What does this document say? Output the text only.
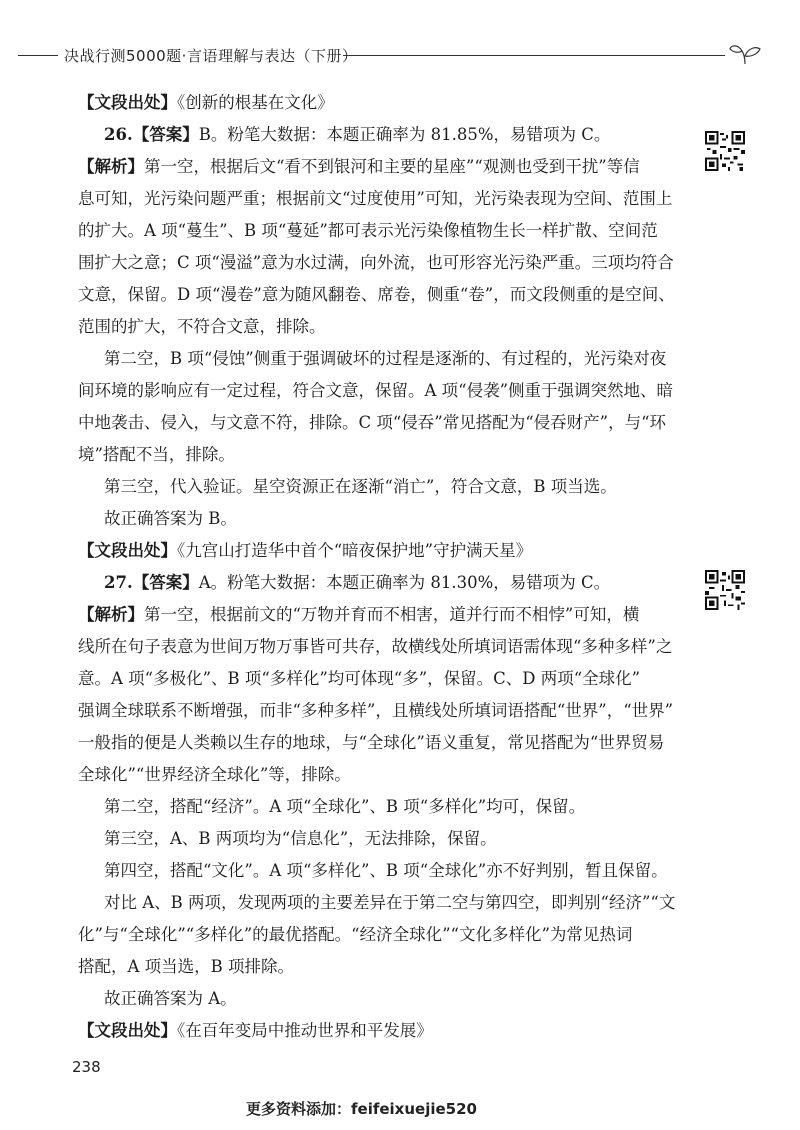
决战行测5000题·言语理解与表达（下册）
【文段出处】《创新的根基在文化》
26.【答案】B。粉笔大数据：本题正确率为 81.85%，易错项为 C。
【解析】第一空，根据后文“看不到银河和主要的星座”“观测也受到干扰”等信
息可知，光污染问题严重；根据前文“过度使用”可知，光污染表现为空间、范围上
的扩大。A 项“蔓生”、B 项“蔓延”都可表示光污染像植物生长一样扩散、空间范
围扩大之意；C 项“漫溢”意为水过满，向外流，也可形容光污染严重。三项均符合
文意，保留。D 项“漫卷”意为随风翻卷、席卷，侧重“卷”，而文段侧重的是空间、
范围的扩大，不符合文意，排除。
第二空，B 项“侵蚀”侧重于强调破坏的过程是逐渐的、有过程的，光污染对夜
间环境的影响应有一定过程，符合文意，保留。A 项“侵袭”侧重于强调突然地、暗
中地袭击、侵入，与文意不符，排除。C 项“侵吞”常见搭配为“侵吞财产”，与“环
境”搭配不当，排除。
第三空，代入验证。星空资源正在逐渐“消亡”，符合文意，B 项当选。
故正确答案为 B。
【文段出处】《九宫山打造华中首个“暗夜保护地”守护满天星》
27.【答案】A。粉笔大数据：本题正确率为 81.30%，易错项为 C。
【解析】第一空，根据前文的“万物并育而不相害，道并行而不相悖”可知，横
线所在句子表意为世间万物万事皆可共存，故横线处所填词语需体现“多种多样”之
意。A 项“多极化”、B 项“多样化”均可体现“多”，保留。C、D 两项“全球化”
强调全球联系不断增强，而非“多种多样”，且横线处所填词语搭配“世界”，“世界”
一般指的便是人类赖以生存的地球，与“全球化”语义重复，常见搭配为“世界贸易
全球化”“世界经济全球化”等，排除。
第二空，搭配“经济”。A 项“全球化”、B 项“多样化”均可，保留。
第三空，A、B 两项均为“信息化”，无法排除，保留。
第四空，搭配“文化”。A 项“多样化”、B 项“全球化”亦不好判别，暂且保留。
对比 A、B 两项，发现两项的主要差异在于第二空与第四空，即判别“经济”“文
化”与“全球化”“多样化”的最优搭配。“经济全球化”“文化多样化”为常见热词
搭配，A 项当选，B 项排除。
故正确答案为 A。
【文段出处】《在百年变局中推动世界和平发展》
238
更多资料添加：feifeixuejie520
